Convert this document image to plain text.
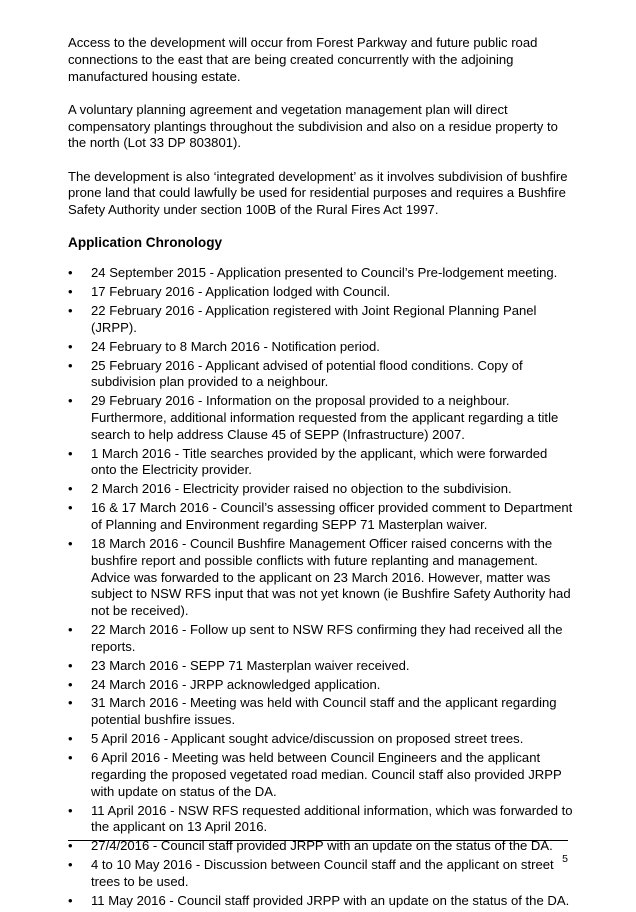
Access to the development will occur from Forest Parkway and future public road connections to the east that are being created concurrently with the adjoining manufactured housing estate.

A voluntary planning agreement and vegetation management plan will direct compensatory plantings throughout the subdivision and also on a residue property to the north (Lot 33 DP 803801).

The development is also ‘integrated development’ as it involves subdivision of bushfire prone land that could lawfully be used for residential purposes and requires a Bushfire Safety Authority under section 100B of the Rural Fires Act 1997.

Application Chronology
•	24 September 2015 - Application presented to Council’s Pre-lodgement meeting.
•	17 February 2016 - Application lodged with Council.
•	22 February 2016 - Application registered with Joint Regional Planning Panel (JRPP).
•	24 February to 8 March 2016 - Notification period.
•	25 February 2016 - Applicant advised of potential flood conditions. Copy of subdivision plan provided to a neighbour.
•	29 February 2016 - Information on the proposal provided to a neighbour. Furthermore, additional information requested from the applicant regarding a title search to help address Clause 45 of SEPP (Infrastructure) 2007.
•	1 March 2016 - Title searches provided by the applicant, which were forwarded onto the Electricity provider.
•	2 March 2016 - Electricity provider raised no objection to the subdivision.
•	16 & 17 March 2016 - Council’s assessing officer provided comment to Department of Planning and Environment regarding SEPP 71 Masterplan waiver.
•	18 March 2016 - Council Bushfire Management Officer raised concerns with the bushfire report and possible conflicts with future replanting and management. Advice was forwarded to the applicant on 23 March 2016. However, matter was subject to NSW RFS input that was not yet known (ie Bushfire Safety Authority had not be received).
•	22 March 2016 - Follow up sent to NSW RFS confirming they had received all the reports.
•	23 March 2016 - SEPP 71 Masterplan waiver received.
•	24 March 2016 - JRPP acknowledged application.
•	31 March 2016 - Meeting was held with Council staff and the applicant regarding potential bushfire issues.
•	5 April 2016 - Applicant sought advice/discussion on proposed street trees.
•	6 April 2016 - Meeting was held between Council Engineers and the applicant regarding the proposed vegetated road median. Council staff also provided JRPP with update on status of the DA.
•	11 April 2016 - NSW RFS requested additional information, which was forwarded to the applicant on 13 April 2016.
•	27/4/2016 - Council staff provided JRPP with an update on the status of the DA.
•	4 to 10 May 2016 - Discussion between Council staff and the applicant on street trees to be used.
•	11 May 2016 - Council staff provided JRPP with an update on the status of the DA.
5
